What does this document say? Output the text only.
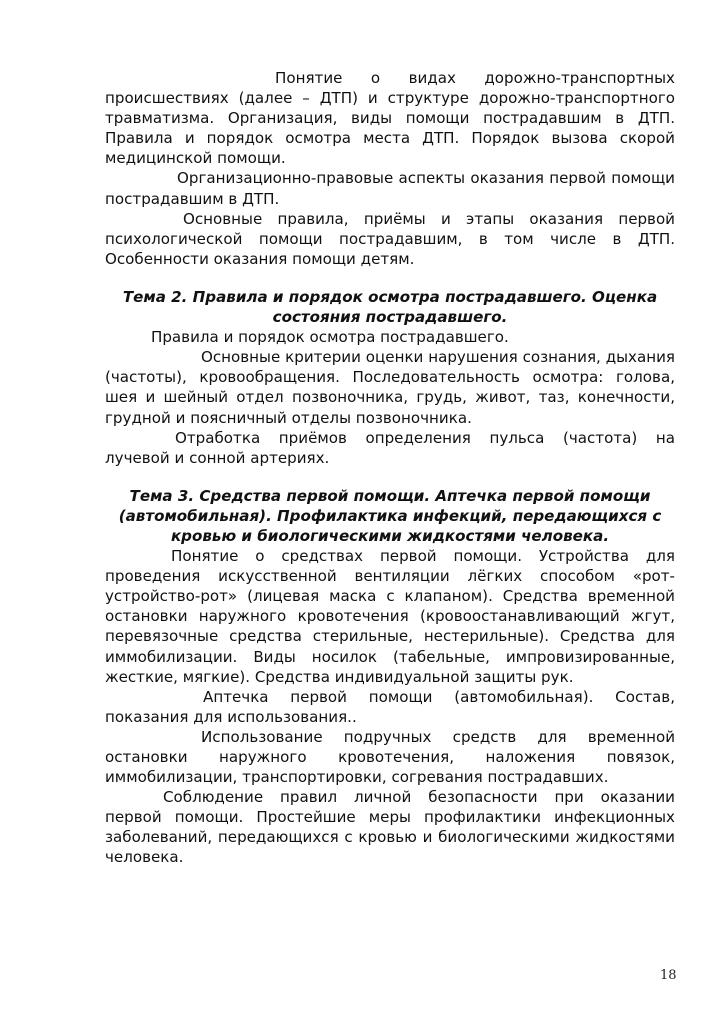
Понятие о видах дорожно-транспортных происшествиях (далее – ДТП) и структуре дорожно-транспортного травматизма. Организация, виды помощи пострадавшим в ДТП. Правила и порядок осмотра места ДТП. Порядок вызова скорой медицинской помощи.

Организационно-правовые аспекты оказания первой помощи пострадавшим в ДТП.

Основные правила, приёмы и этапы оказания первой психологической помощи пострадавшим, в том числе в ДТП. Особенности оказания помощи детям.

Тема 2. Правила и порядок осмотра пострадавшего. Оценка состояния пострадавшего.

Правила и порядок осмотра пострадавшего.

Основные критерии оценки нарушения сознания, дыхания (частоты), кровообращения. Последовательность осмотра: голова, шея и шейный отдел позвоночника, грудь, живот, таз, конечности, грудной и поясничный отделы позвоночника.

Отработка приёмов определения пульса (частота) на лучевой и сонной артериях.

Тема 3. Средства первой помощи. Аптечка первой помощи (автомобильная). Профилактика инфекций, передающихся с кровью и биологическими жидкостями человека.

Понятие о средствах первой помощи. Устройства для проведения искусственной вентиляции лёгких способом «рот-устройство-рот» (лицевая маска с клапаном). Средства временной остановки наружного кровотечения (кровоостанавливающий жгут, перевязочные средства стерильные, нестерильные). Средства для иммобилизации. Виды носилок (табельные, импровизированные, жесткие, мягкие). Средства индивидуальной защиты рук.

Аптечка первой помощи (автомобильная). Состав, показания для использования..

Использование подручных средств для временной остановки наружного кровотечения, наложения повязок, иммобилизации, транспортировки, согревания пострадавших.

Соблюдение правил личной безопасности при оказании первой помощи. Простейшие меры профилактики инфекционных заболеваний, передающихся с кровью и биологическими жидкостями человека.

18
